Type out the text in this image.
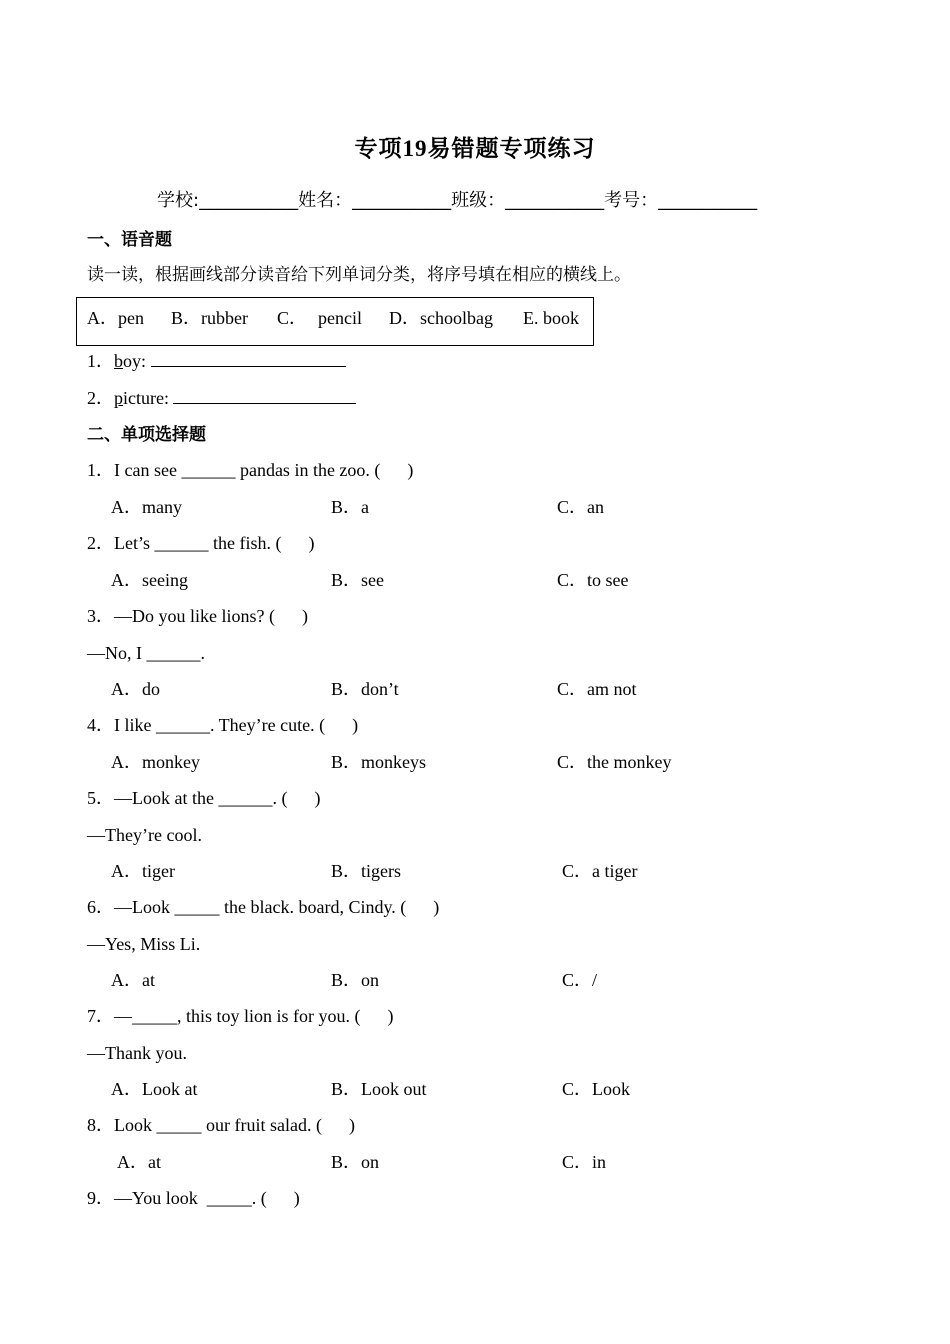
专项19易错题专项练习
学校:___________姓名：___________班级：___________考号：___________
一、语音题
读一读，根据画线部分读音给下列单词分类，将序号填在相应的横线上。
A．pen B．rubber C． pencil D．schoolbag E. book
1．boy:
2．picture:
二、单项选择题
1．I can see ______ pandas in the zoo. (      )
A．many	B．a	C．an
2．Let’s ______ the fish. (      )
A．seeing	B．see	C．to see
3．—Do you like lions? (      )
—No, I ______.
A．do	B．don’t	C．am not
4．I like ______. They’re cute. (      )
A．monkey	B．monkeys	C．the monkey
5．—Look at the ______. (      )
—They’re cool.
A．tiger	B．tigers	C．a tiger
6．—Look _____ the black. board, Cindy. (      )
—Yes, Miss Li.
A．at	B．on	C．/
7．—_____, this toy lion is for you. (      )
—Thank you.
A．Look at	B．Look out	C．Look
8．Look _____ our fruit salad. (      )
A．at	B．on	C．in
9．—You look  _____. (      )
